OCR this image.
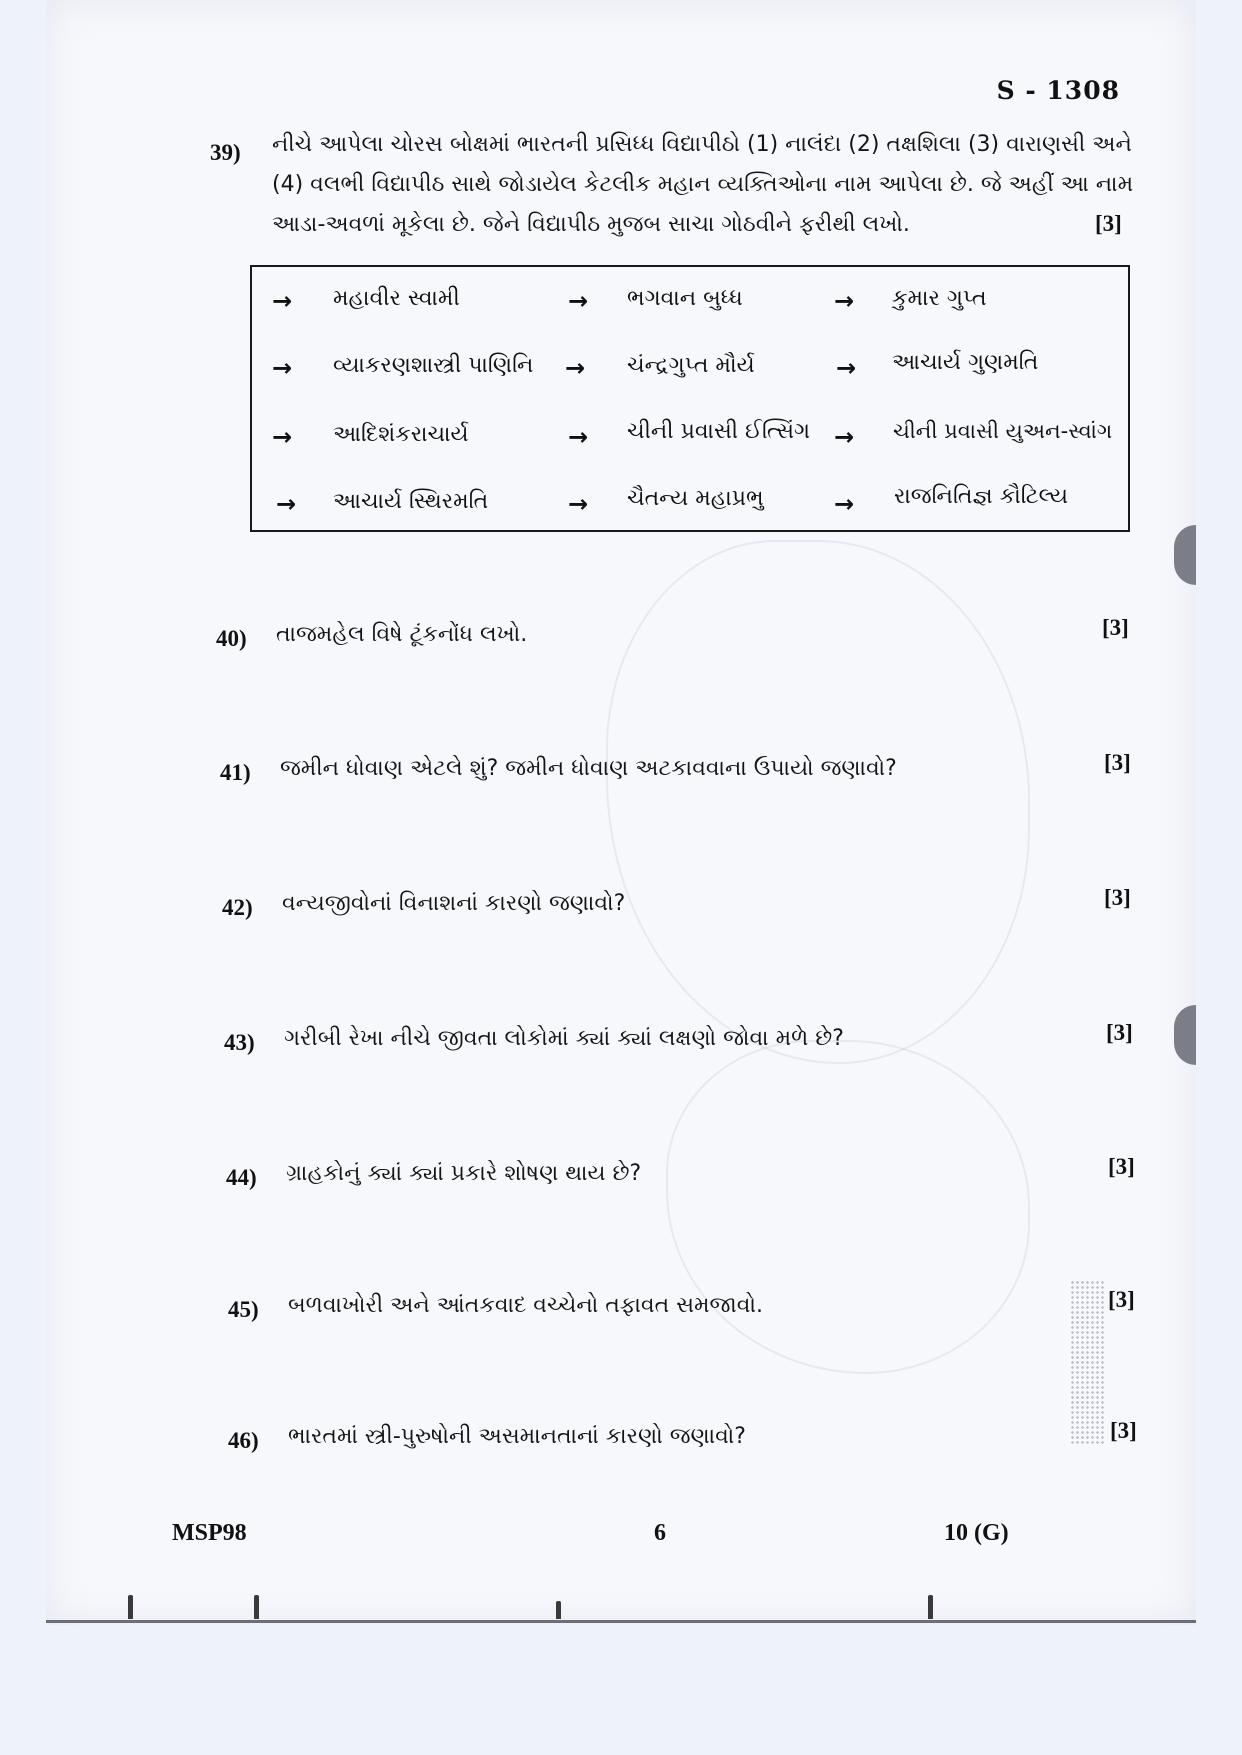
S - 1308
39) નીચે આપેલા ચોરસ બોક્ષમાં ભારતની પ્રસિધ્ધ વિદ્યાપીઠો (1) નાલંદા (2) તક્ષશિલા (3) વારાણસી અને
(4) વલભી વિદ્યાપીઠ સાથે જોડાયેલ કેટલીક મહાન વ્યક્તિઓના નામ આપેલા છે. જે અહીં આ નામ
આડા-અવળાં મૂકેલા છે. જેને વિદ્યાપીઠ મુજબ સાચા ગોઠવીને ફરીથી લખો.	[3]
→ મહાવીર સ્વામી	→ ભગવાન બુધ્ધ	→ કુમાર ગુપ્ત
→ વ્યાકરણશાસ્ત્રી પાણિનિ → ચંન્દ્રગુપ્ત મૌર્ય	→ આચાર્ય ગુણમતિ
→ આદિશંકરાચાર્ય	→ ચીની પ્રવાસી ઈત્સિંગ → ચીની પ્રવાસી યુઅન-સ્વાંગ
→ આચાર્ય સ્થિરમતિ	→ ચૈતન્ય મહાપ્રભુ	→ રાજનિતિજ્ઞ કૌટિલ્ય
40) તાજમહેલ વિષે ટૂંકનોંધ લખો.	[3]
41) જમીન ધોવાણ એટલે શું? જમીન ધોવાણ અટકાવવાના ઉપાયો જણાવો?	[3]
42) વન્યજીવોનાં વિનાશનાં કારણો જણાવો?	[3]
43) ગરીબી રેખા નીચે જીવતા લોકોમાં ક્યાં ક્યાં લક્ષણો જોવા મળે છે?	[3]
44) ગ્રાહકોનું ક્યાં ક્યાં પ્રકારે શોષણ થાય છે?	[3]
45) બળવાખોરી અને આંતકવાદ વચ્ચેનો તફાવત સમજાવો.	[3]
46) ભારતમાં સ્ત્રી-પુરુષોની અસમાનતાનાં કારણો જણાવો?	[3]
MSP98	6	10 (G)
